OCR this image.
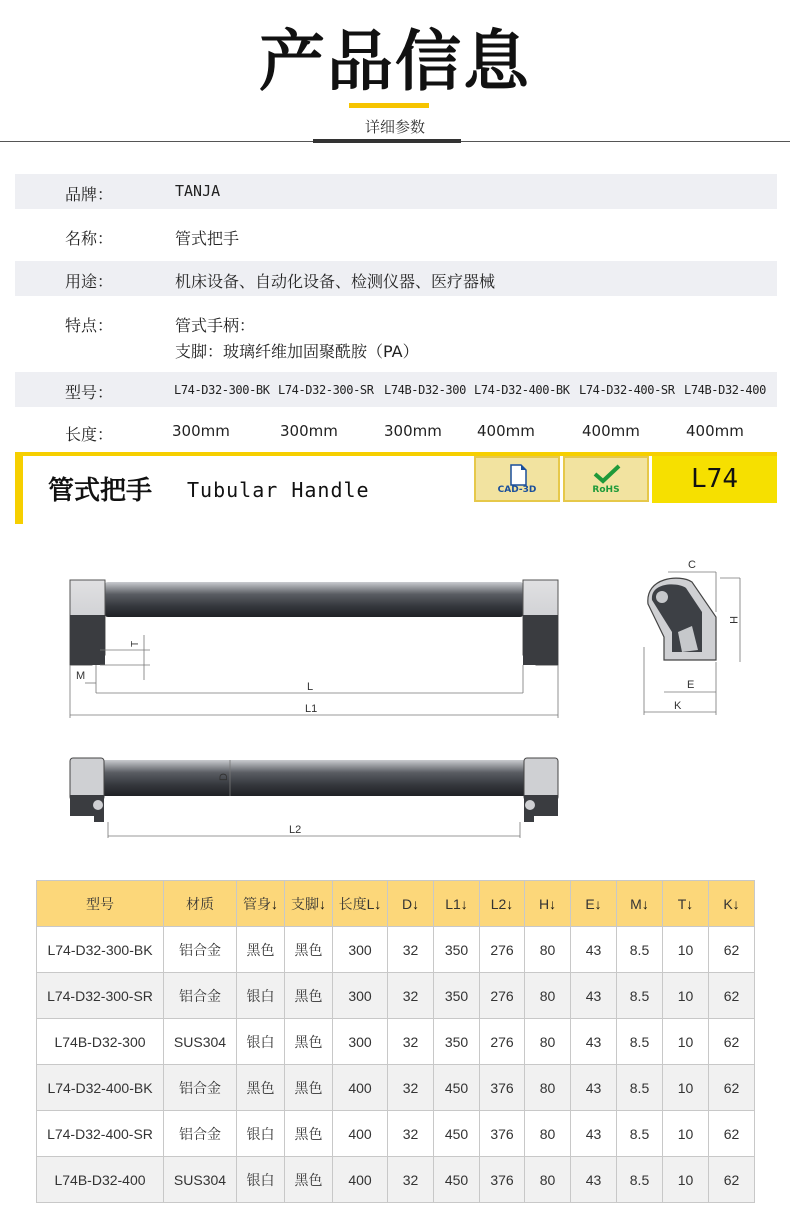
产品信息
详细参数
品牌：	TANJA
名称：	管式把手
用途：	机床设备、自动化设备、检测仪器、医疗器械
特点：	管式手柄：
支脚：玻璃纤维加固聚酰胺（PA）
型号：	L74-D32-300-BK L74-D32-300-SR L74B-D32-300 L74-D32-400-BK L74-D32-400-SR L74B-D32-400
长度：	300mm	300mm	300mm 400mm	400mm	400mm
管式把手 Tubular Handle	CAD-3D	RoHS	L74
T
M
L
L1
C
H
E
K
D
L2
型号	材质	管身↓	支脚↓	长度L↓	D↓	L1↓	L2↓	H↓	E↓	M↓	T↓	K↓
L74-D32-300-BK	铝合金	黑色	黑色	300	32	350	276	80	43	8.5	10	62
L74-D32-300-SR	铝合金	银白	黑色	300	32	350	276	80	43	8.5	10	62
L74B-D32-300	SUS304	银白	黑色	300	32	350	276	80	43	8.5	10	62
L74-D32-400-BK	铝合金	黑色	黑色	400	32	450	376	80	43	8.5	10	62
L74-D32-400-SR	铝合金	银白	黑色	400	32	450	376	80	43	8.5	10	62
L74B-D32-400	SUS304	银白	黑色	400	32	450	376	80	43	8.5	10	62
